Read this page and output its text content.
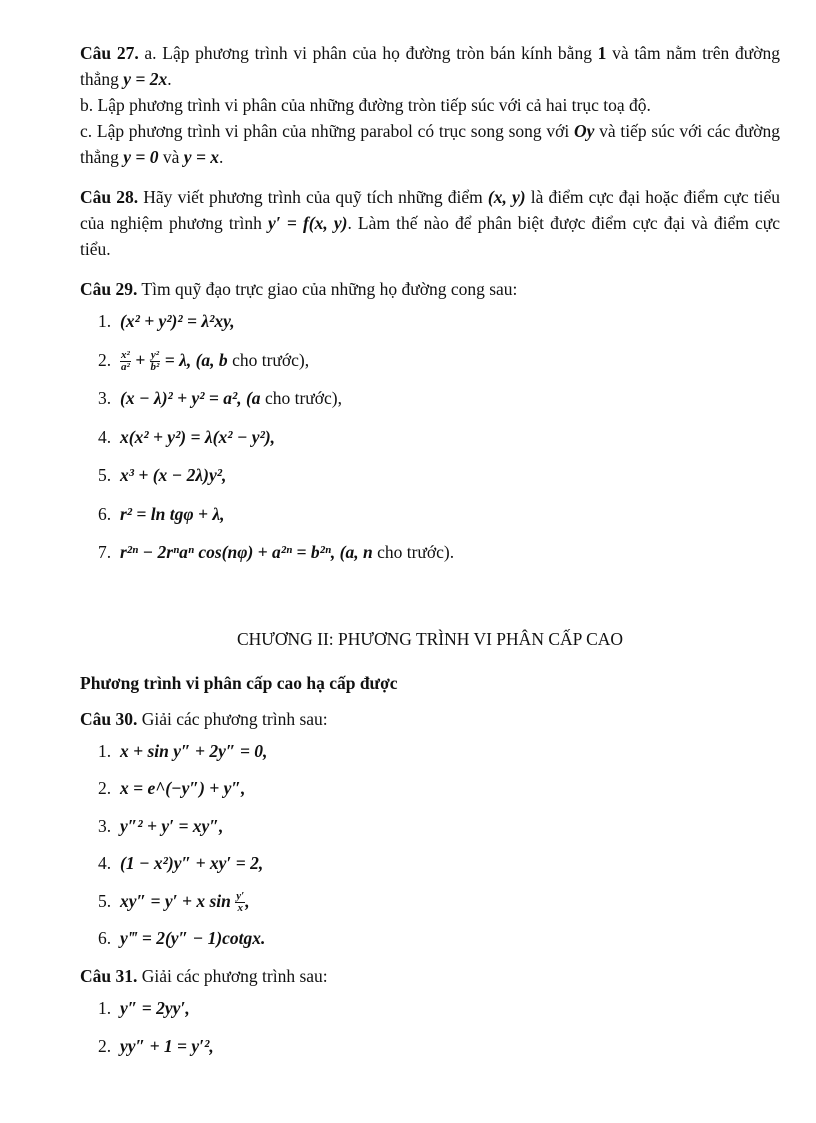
Câu 27. a. Lập phương trình vi phân của họ đường tròn bán kính bằng 1 và tâm nằm trên đường thẳng y = 2x.

b. Lập phương trình vi phân của những đường tròn tiếp súc với cả hai trục toạ độ.

c. Lập phương trình vi phân của những parabol có trục song song với Oy và tiếp súc với các đường thẳng y = 0 và y = x.

Câu 28. Hãy viết phương trình của quỹ tích những điểm (x, y) là điểm cực đại hoặc điểm cực tiểu của nghiệm phương trình y′ = f(x, y). Làm thế nào để phân biệt được điểm cực đại và điểm cực tiểu.

Câu 29. Tìm quỹ đạo trực giao của những họ đường cong sau:

1. (x² + y²)² = λ²xy,
2. $\frac{\text{x²}}{\text{a²}} + \frac{\text{y²}}{\text{b²}} = \lambda$, (a, b cho trước),
3. (x − λ)² + y² = a², (a cho trước),
4. x(x² + y²) = λ(x² − y²),
5. x³ + (x − 2λ)y²,
6. r² = ln tgφ + λ,
7. r²ⁿ − 2rⁿaⁿ cos(nφ) + a²ⁿ = b²ⁿ, (a, n cho trước).
CHƯƠNG II: PHƯƠNG TRÌNH VI PHÂN CẤP CAO
Phương trình vi phân cấp cao hạ cấp được

Câu 30. Giải các phương trình sau:

1. x + sin y″ + 2y″ = 0,
2. x = e^(−y″) + y″,
3. y″² + y′ = xy″,
4. (1 − x²)y″ + xy′ = 2,
5. xy″ = y′ + x $\sin \frac{y'}{x}$ ,
6. y‴ = 2(y″ − 1)cotgx.

Câu 31. Giải các phương trình sau:

1. y″ = 2yy′,
2. yy″ + 1 = y′²,
